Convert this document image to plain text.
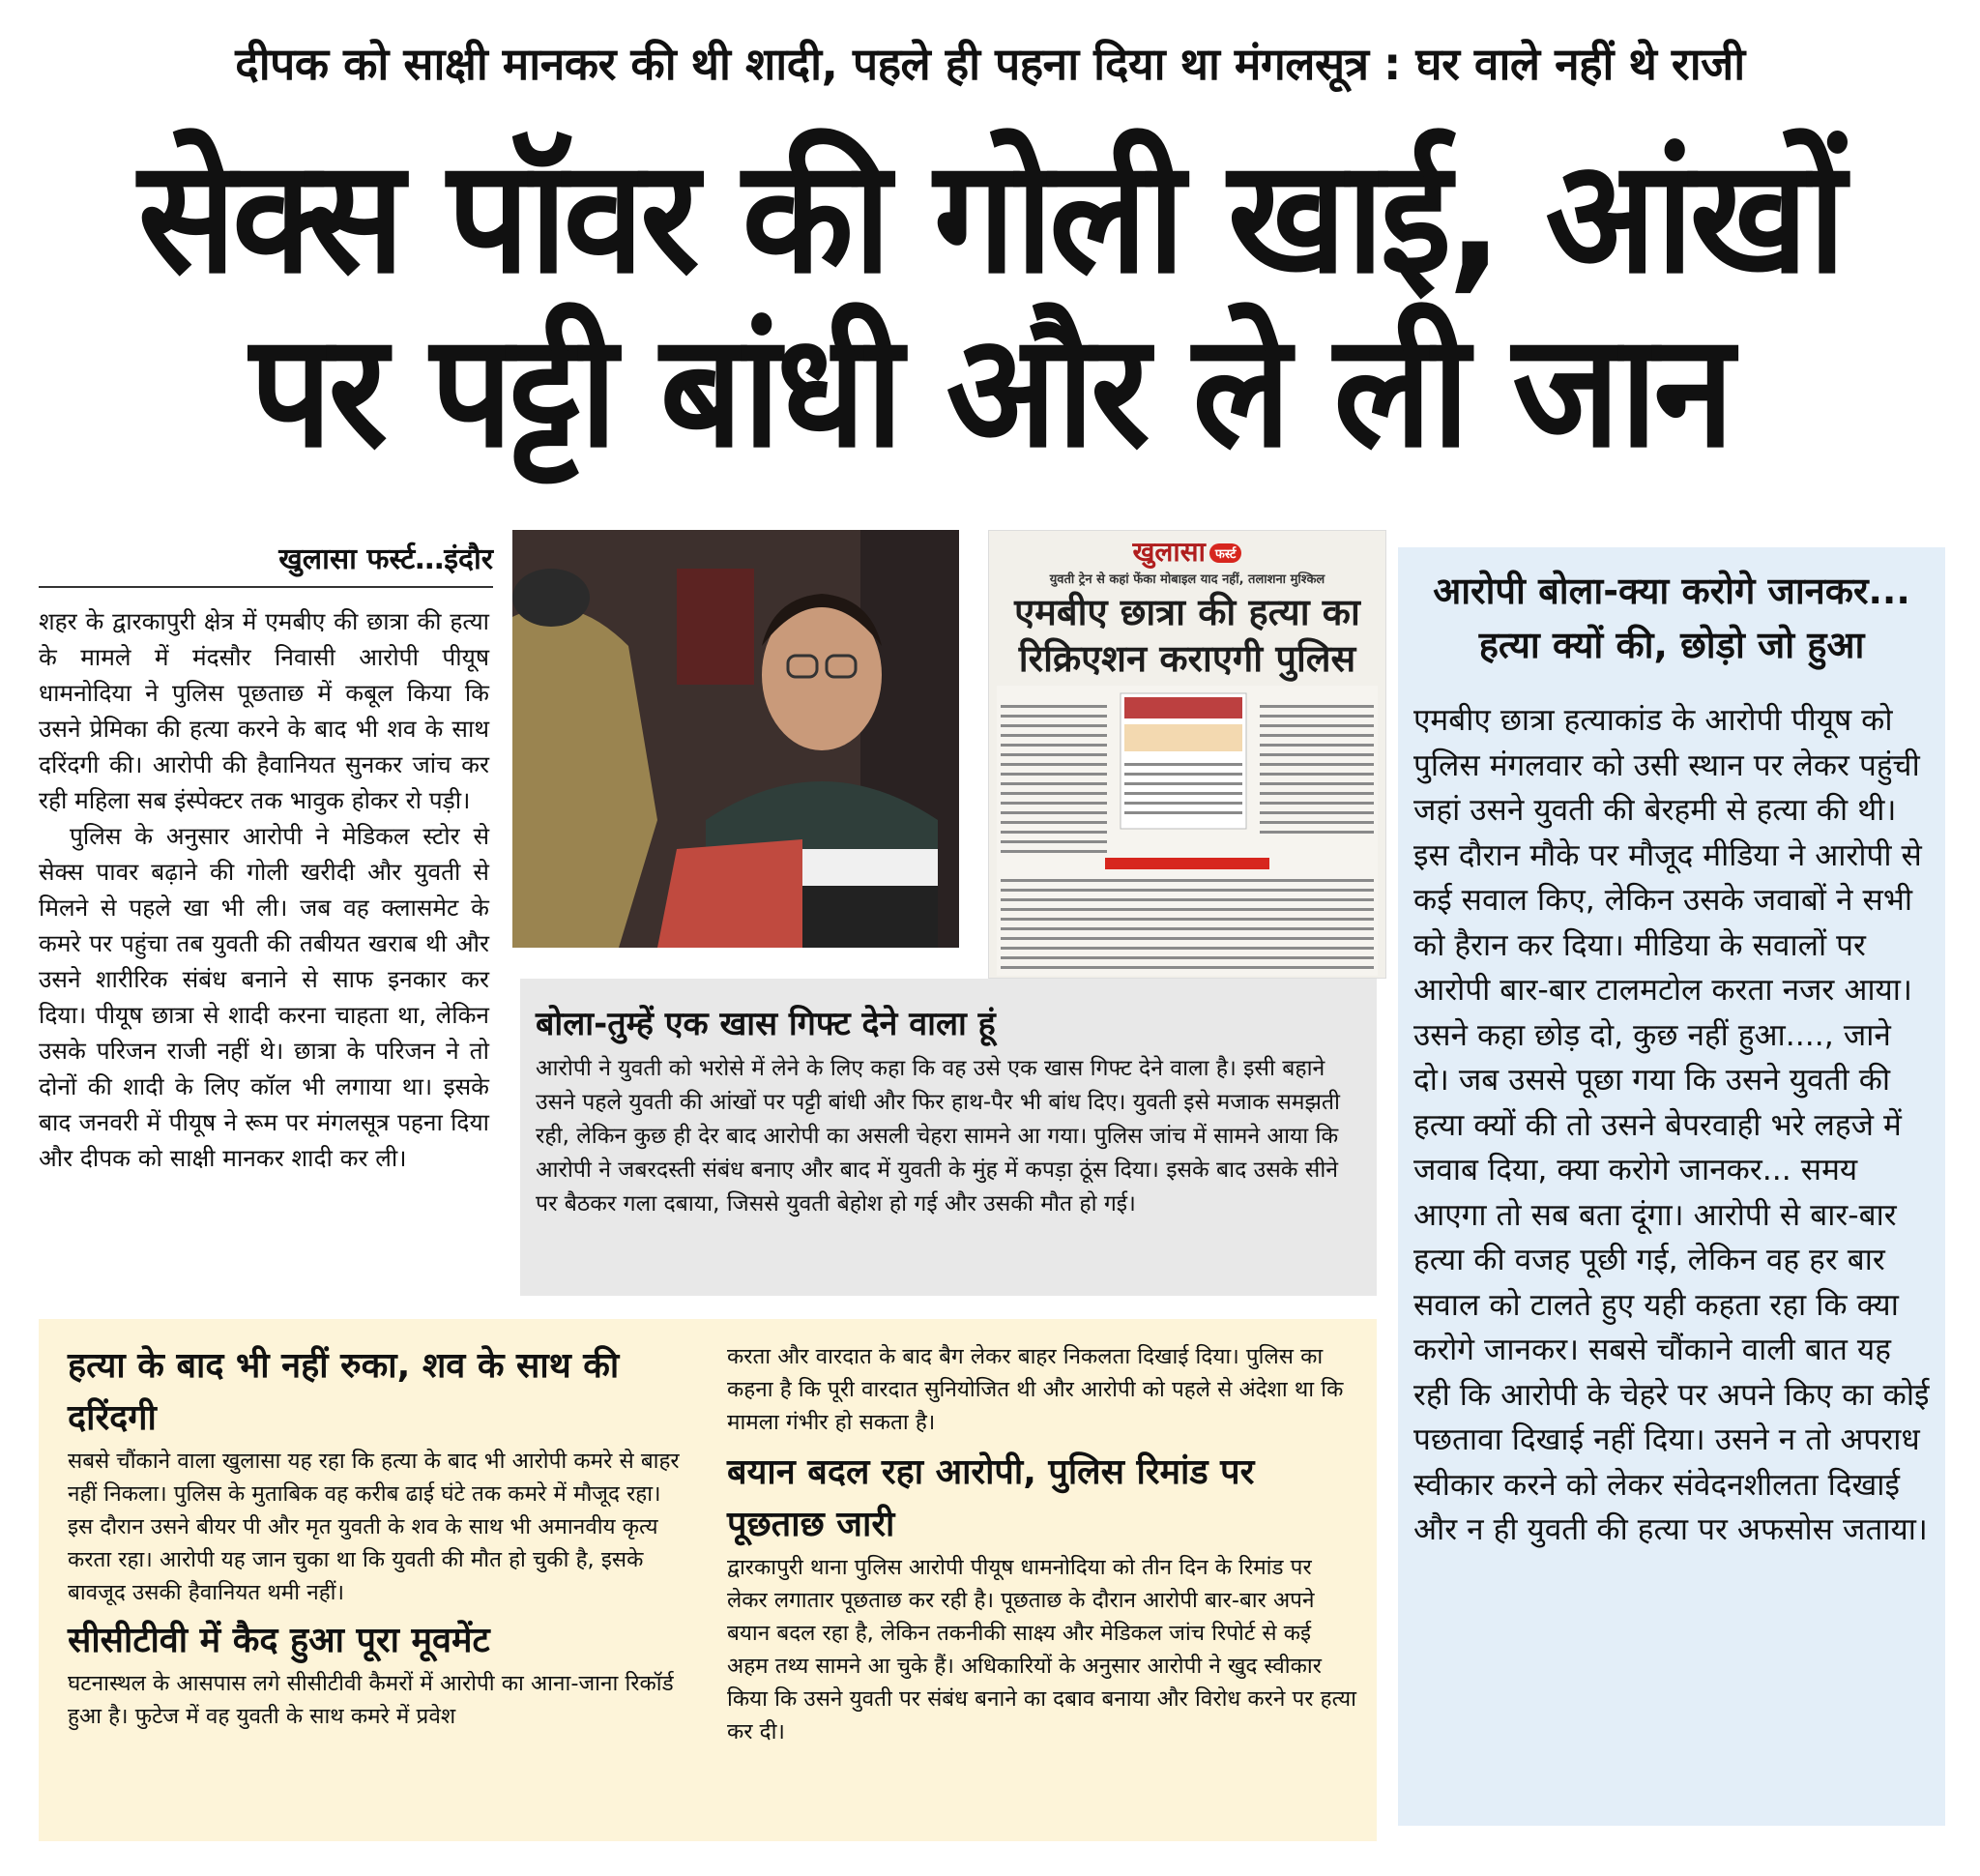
दीपक को साक्षी मानकर की थी शादी, पहले ही पहना दिया था मंगलसूत्र : घर वाले नहीं थे राजी
सेक्स पॉवर की गोली खाई, आंखों
पर पट्टी बांधी और ले ली जान
खुलासा फर्स्ट…इंदौर

शहर के द्वारकापुरी क्षेत्र में एमबीए की छात्रा की हत्या के मामले में मंदसौर निवासी आरोपी पीयूष धामनोदिया ने पुलिस पूछताछ में कबूल किया कि उसने प्रेमिका की हत्या करने के बाद भी शव के साथ दरिंदगी की। आरोपी की हैवानियत सुनकर जांच कर रही महिला सब इंस्पेक्टर तक भावुक होकर रो पड़ी।

पुलिस के अनुसार आरोपी ने मेडिकल स्टोर से सेक्स पावर बढ़ाने की गोली खरीदी और युवती से मिलने से पहले खा भी ली। जब वह क्लासमेट के कमरे पर पहुंचा तब युवती की तबीयत खराब थी और उसने शारीरिक संबंध बनाने से साफ इनकार कर दिया। पीयूष छात्रा से शादी करना चाहता था, लेकिन उसके परिजन राजी नहीं थे। छात्रा के परिजन ने तो दोनों की शादी के लिए कॉल भी लगाया था। इसके बाद जनवरी में पीयूष ने रूम पर मंगलसूत्र पहना दिया और दीपक को साक्षी मानकर शादी कर ली।

खुलासा फर्स्ट
युवती ट्रेन से कहां फेंका मोबाइल याद नहीं, तलाशना मुश्किल
एमबीए छात्रा की हत्या का रिक्रिएशन कराएगी पुलिस
बोला-तुम्हें एक खास गिफ्ट देने वाला हूं

आरोपी ने युवती को भरोसे में लेने के लिए कहा कि वह उसे एक खास गिफ्ट देने वाला है। इसी बहाने उसने पहले युवती की आंखों पर पट्टी बांधी और फिर हाथ-पैर भी बांध दिए। युवती इसे मजाक समझती रही, लेकिन कुछ ही देर बाद आरोपी का असली चेहरा सामने आ गया। पुलिस जांच में सामने आया कि आरोपी ने जबरदस्ती संबंध बनाए और बाद में युवती के मुंह में कपड़ा ठूंस दिया। इसके बाद उसके सीने पर बैठकर गला दबाया, जिससे युवती बेहोश हो गई और उसकी मौत हो गई।

आरोपी बोला-क्या करोगे जानकर...
हत्या क्यों की, छोड़ो जो हुआ

एमबीए छात्रा हत्याकांड के आरोपी पीयूष को पुलिस मंगलवार को उसी स्थान पर लेकर पहुंची जहां उसने युवती की बेरहमी से हत्या की थी। इस दौरान मौके पर मौजूद मीडिया ने आरोपी से कई सवाल किए, लेकिन उसके जवाबों ने सभी को हैरान कर दिया। मीडिया के सवालों पर आरोपी बार-बार टालमटोल करता नजर आया। उसने कहा छोड़ दो, कुछ नहीं हुआ...., जाने दो। जब उससे पूछा गया कि उसने युवती की हत्या क्यों की तो उसने बेपरवाही भरे लहजे में जवाब दिया, क्या करोगे जानकर... समय आएगा तो सब बता दूंगा। आरोपी से बार-बार हत्या की वजह पूछी गई, लेकिन वह हर बार सवाल को टालते हुए यही कहता रहा कि क्या करोगे जानकर। सबसे चौंकाने वाली बात यह रही कि आरोपी के चेहरे पर अपने किए का कोई पछतावा दिखाई नहीं दिया। उसने न तो अपराध स्वीकार करने को लेकर संवेदनशीलता दिखाई और न ही युवती की हत्या पर अफसोस जताया।

हत्या के बाद भी नहीं रुका, शव के साथ की दरिंदगी

सबसे चौंकाने वाला खुलासा यह रहा कि हत्या के बाद भी आरोपी कमरे से बाहर नहीं निकला। पुलिस के मुताबिक वह करीब ढाई घंटे तक कमरे में मौजूद रहा। इस दौरान उसने बीयर पी और मृत युवती के शव के साथ भी अमानवीय कृत्य करता रहा। आरोपी यह जान चुका था कि युवती की मौत हो चुकी है, इसके बावजूद उसकी हैवानियत थमी नहीं।

सीसीटीवी में कैद हुआ पूरा मूवमेंट

घटनास्थल के आसपास लगे सीसीटीवी कैमरों में आरोपी का आना-जाना रिकॉर्ड हुआ है। फुटेज में वह युवती के साथ कमरे में प्रवेश

करता और वारदात के बाद बैग लेकर बाहर निकलता दिखाई दिया। पुलिस का कहना है कि पूरी वारदात सुनियोजित थी और आरोपी को पहले से अंदेशा था कि मामला गंभीर हो सकता है।

बयान बदल रहा आरोपी, पुलिस रिमांड पर पूछताछ जारी

द्वारकापुरी थाना पुलिस आरोपी पीयूष धामनोदिया को तीन दिन के रिमांड पर लेकर लगातार पूछताछ कर रही है। पूछताछ के दौरान आरोपी बार-बार अपने बयान बदल रहा है, लेकिन तकनीकी साक्ष्य और मेडिकल जांच रिपोर्ट से कई अहम तथ्य सामने आ चुके हैं। अधिकारियों के अनुसार आरोपी ने खुद स्वीकार किया कि उसने युवती पर संबंध बनाने का दबाव बनाया और विरोध करने पर हत्या कर दी।
